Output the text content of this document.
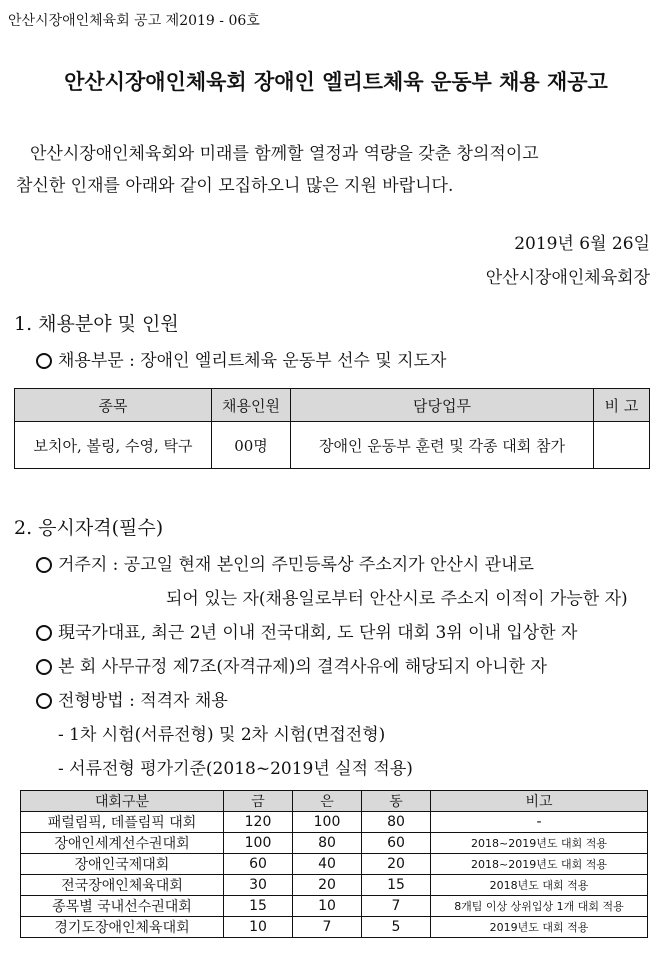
안산시장애인체육회 공고 제2019 - 06호
안산시장애인체육회 장애인 엘리트체육 운동부 채용 재공고
안산시장애인체육회와 미래를 함께할 열정과 역량을 갖춘 창의적이고
참신한 인재를 아래와 같이 모집하오니 많은 지원 바랍니다.
2019년 6월 26일
안산시장애인체육회장
1. 채용분야 및 인원
채용부문 : 장애인 엘리트체육 운동부 선수 및 지도자
종목	채용인원	담당업무	비 고
보치아, 볼링, 수영, 탁구	00명	장애인 운동부 훈련 및 각종 대회 참가	
2. 응시자격(필수)
거주지 : 공고일 현재 본인의 주민등록상 주소지가 안산시 관내로
되어 있는 자(채용일로부터 안산시로 주소지 이적이 가능한 자)
現국가대표, 최근 2년 이내 전국대회, 도 단위 대회 3위 이내 입상한 자
본 회 사무규정 제7조(자격규제)의 결격사유에 해당되지 아니한 자
전형방법 : 적격자 채용
- 1차 시험(서류전형) 및 2차 시험(면접전형)
- 서류전형 평가기준(2018~2019년 실적 적용)
대회구분	금	은	동	비고
패럴림픽, 데플림픽 대회	120	100	80	-
장애인세계선수권대회	100	80	60	2018~2019년도 대회 적용
장애인국제대회	60	40	20	2018~2019년도 대회 적용
전국장애인체육대회	30	20	15	2018년도 대회 적용
종목별 국내선수권대회	15	10	7	8개팀 이상 상위입상 1개 대회 적용
경기도장애인체육대회	10	7	5	2019년도 대회 적용
